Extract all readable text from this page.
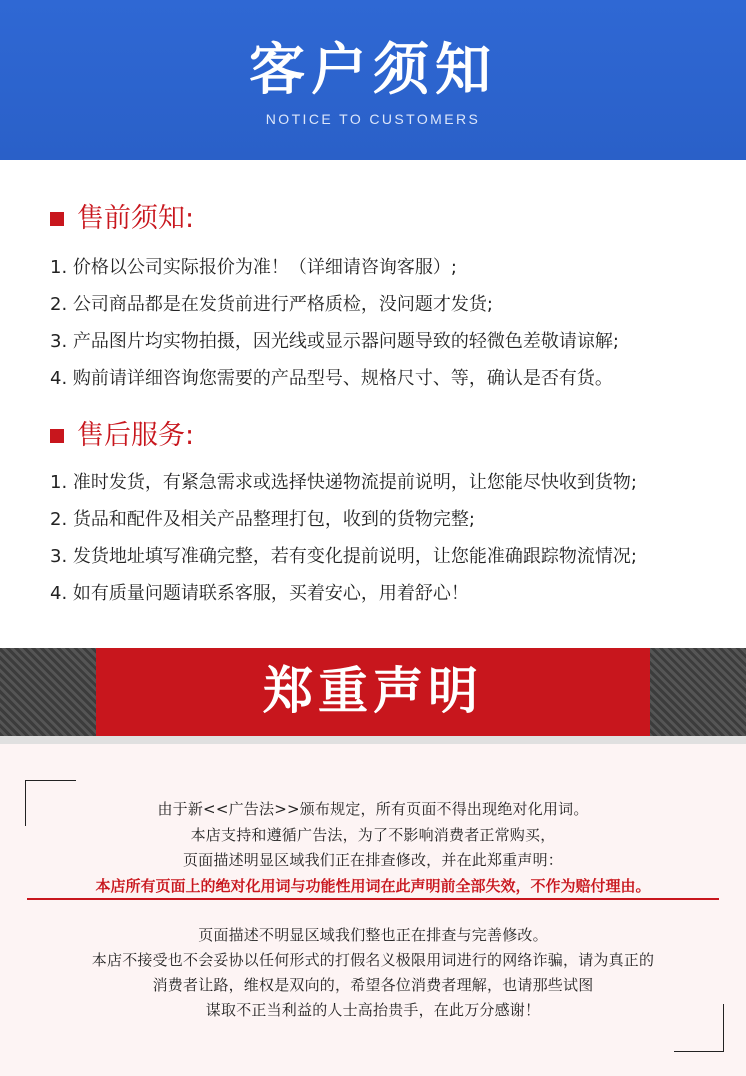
客户须知
NOTICE TO CUSTOMERS
售前须知:
1. 价格以公司实际报价为准！（详细请咨询客服）;
2. 公司商品都是在发货前进行严格质检，没问题才发货;
3. 产品图片均实物拍摄，因光线或显示器问题导致的轻微色差敬请谅解;
4. 购前请详细咨询您需要的产品型号、规格尺寸、等，确认是否有货。
售后服务:
1. 准时发货，有紧急需求或选择快递物流提前说明，让您能尽快收到货物;
2. 货品和配件及相关产品整理打包，收到的货物完整;
3. 发货地址填写准确完整，若有变化提前说明，让您能准确跟踪物流情况;
4. 如有质量问题请联系客服，买着安心，用着舒心！
郑重声明
由于新<<广告法>>颁布规定，所有页面不得出现绝对化用词。
本店支持和遵循广告法，为了不影响消费者正常购买，
页面描述明显区域我们正在排查修改，并在此郑重声明：
本店所有页面上的绝对化用词与功能性用词在此声明前全部失效，不作为赔付理由。
页面描述不明显区域我们整也正在排查与完善修改。
本店不接受也不会妥协以任何形式的打假名义极限用词进行的网络诈骗，请为真正的
消费者让路，维权是双向的，希望各位消费者理解，也请那些试图
谋取不正当利益的人士高抬贵手，在此万分感谢！
